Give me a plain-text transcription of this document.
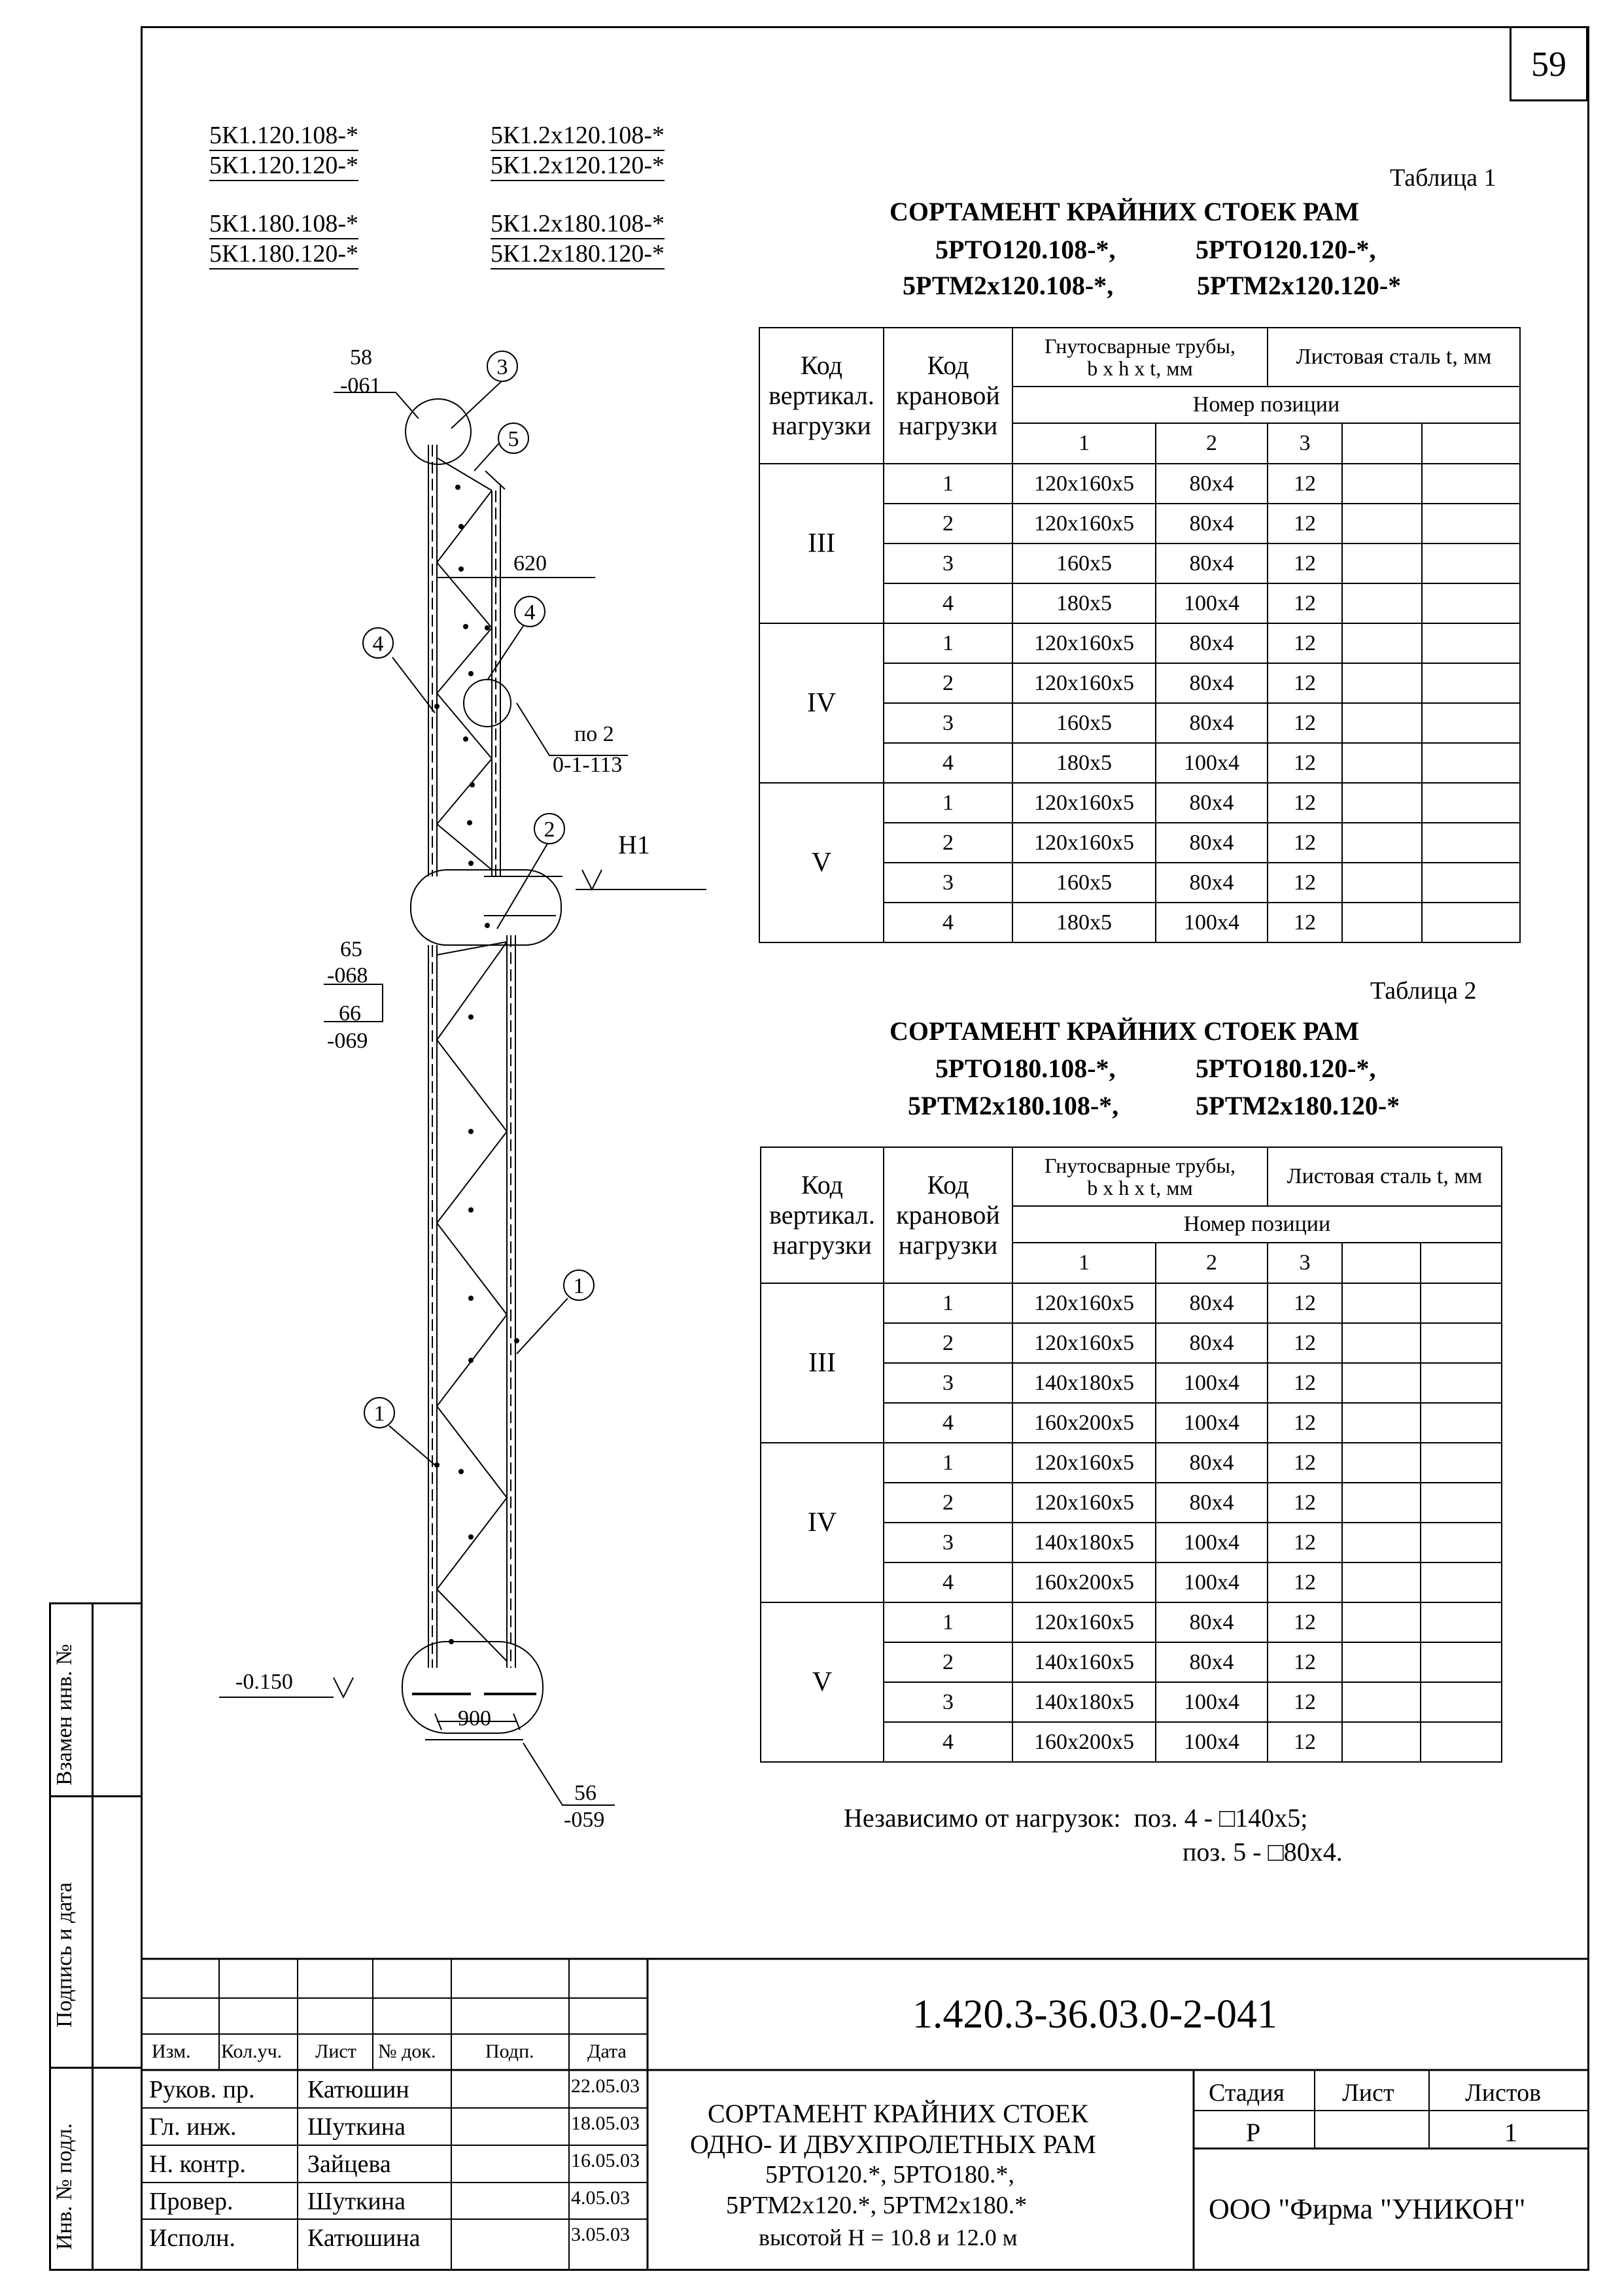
59
Взамен инв. №
Подпись и дата
Инв. № подл.
5К1.120.108-*
5К1.120.120-*
5К1.180.108-*
5К1.180.120-*
5К1.2х120.108-*
5К1.2х120.120-*
5К1.2х180.108-*
5К1.2х180.120-*
Таблица 1
СОРТАМЕНТ КРАЙНИХ СТОЕК РАМ
5РТО120.108-*,	5РТО120.120-*,
5РТМ2х120.108-*,	5РТМ2х120.120-*
Код
вертикал.
нагрузки	Код
крановой
нагрузки	Гнутосварные трубы,
b x h x t, мм		Листовая сталь t, мм		
		Номер позиции				
		1	2	3		
III	1	120х160х5	80х4	12		
	2	120х160х5	80х4	12		
	3	160х5	80х4	12		
	4	180х5	100х4	12		
IV	1	120х160х5	80х4	12		
	2	120х160х5	80х4	12		
	3	160х5	80х4	12		
	4	180х5	100х4	12		
V	1	120х160х5	80х4	12		
	2	120х160х5	80х4	12		
	3	160х5	80х4	12		
	4	180х5	100х4	12		
Таблица 2
СОРТАМЕНТ КРАЙНИХ СТОЕК РАМ
5РТО180.108-*,	5РТО180.120-*,
5РТМ2х180.108-*,	5РТМ2х180.120-*
Код
вертикал.
нагрузки	Код
крановой
нагрузки	Гнутосварные трубы,
b x h x t, мм		Листовая сталь t, мм		
		Номер позиции				
		1	2	3		
III	1	120х160х5	80х4	12		
	2	120х160х5	80х4	12		
	3	140х180х5	100х4	12		
	4	160х200х5	100х4	12		
IV	1	120х160х5	80х4	12		
	2	120х160х5	80х4	12		
	3	140х180х5	100х4	12		
	4	160х200х5	100х4	12		
V	1	120х160х5	80х4	12		
	2	140х160х5	80х4	12		
	3	140х180х5	100х4	12		
	4	160х200х5	100х4	12		
Независимо от нагрузок: поз. 4 - □140х5;
поз. 5 - □80х4.
3
5
4
4
2
1
1
58
-061
65
-068
66
-069
56
-059
620
900
по 2
0-1-113
H1
-0.150
1.420.3-36.03.0-2-041
Изм. Кол.уч. Лист № док.	Подп.	Дата
Руков. пр. Катюшин	22.05.03
Гл. инж.	Шуткина	18.05.03
Н. контр. Зайцева	16.05.03
Провер.	Шуткина	4.05.03
Исполн.	Катюшина	3.05.03
СОРТАМЕНТ КРАЙНИХ СТОЕК
ОДНО- И ДВУХПРОЛЕТНЫХ РАМ
5РТО120.*, 5РТО180.*,
5РТМ2х120.*, 5РТМ2х180.*
высотой Н = 10.8 и 12.0 м
Стадия Лист	Листов
Р	1
ООО "Фирма "УНИКОН"
